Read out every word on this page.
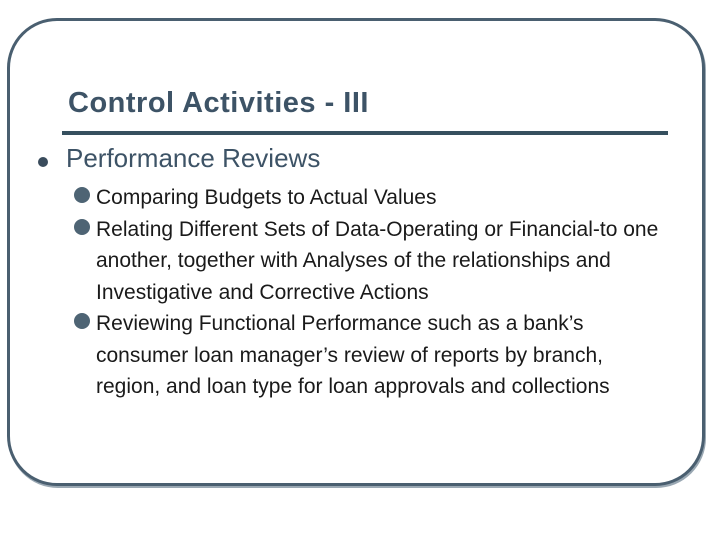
Control Activities - III
Performance Reviews
Comparing Budgets to Actual Values
Relating Different Sets of Data-Operating or Financial-to one another, together with Analyses of the relationships and Investigative and Corrective Actions
Reviewing Functional Performance such as a bank’s consumer loan manager’s review of reports by branch, region, and loan type for loan approvals and collections
